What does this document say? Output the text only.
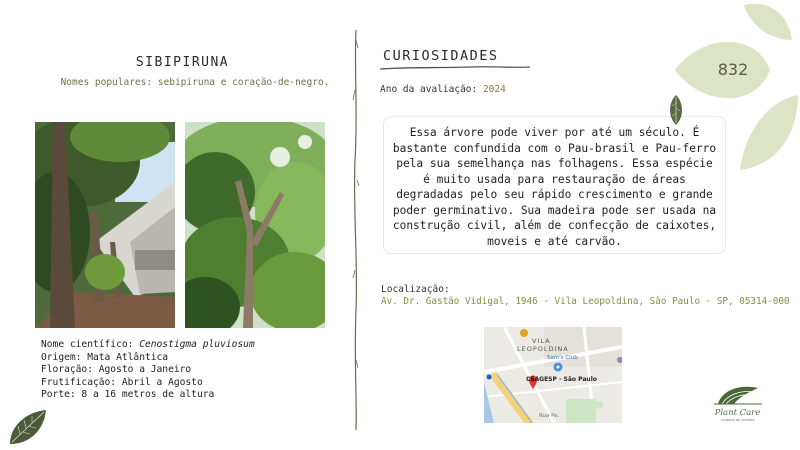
SIBIPIRUNA
Nomes populares: sebipiruna e coração-de-negro.
Nome científico: Cenostigma pluviosum
Origem: Mata Atlântica
Floração: Agosto a Janeiro
Frutificação: Abril a Agosto
Porte: 8 a 16 metros de altura
CURIOSIDADES
Ano da avaliação: 2024
Essa árvore pode viver por até um século. É bastante confundida com o Pau-brasil e Pau-ferro pela sua semelhança nas folhagens. Essa espécie é muito usada para restauração de áreas degradadas pelo seu rápido crescimento e grande poder germinativo. Sua madeira pode ser usada na construção civil, além de confecção de caixotes, moveis e até carvão.
Localização:
Av. Dr. Gastão Vidigal, 1946 - Vila Leopoldina, São Paulo - SP, 05314-000
VILA
LEOPOLDINA
Sam's Club
CEAGESP - São Paulo
Rua Pe.
832
Plant Care
cuidado de plantas
